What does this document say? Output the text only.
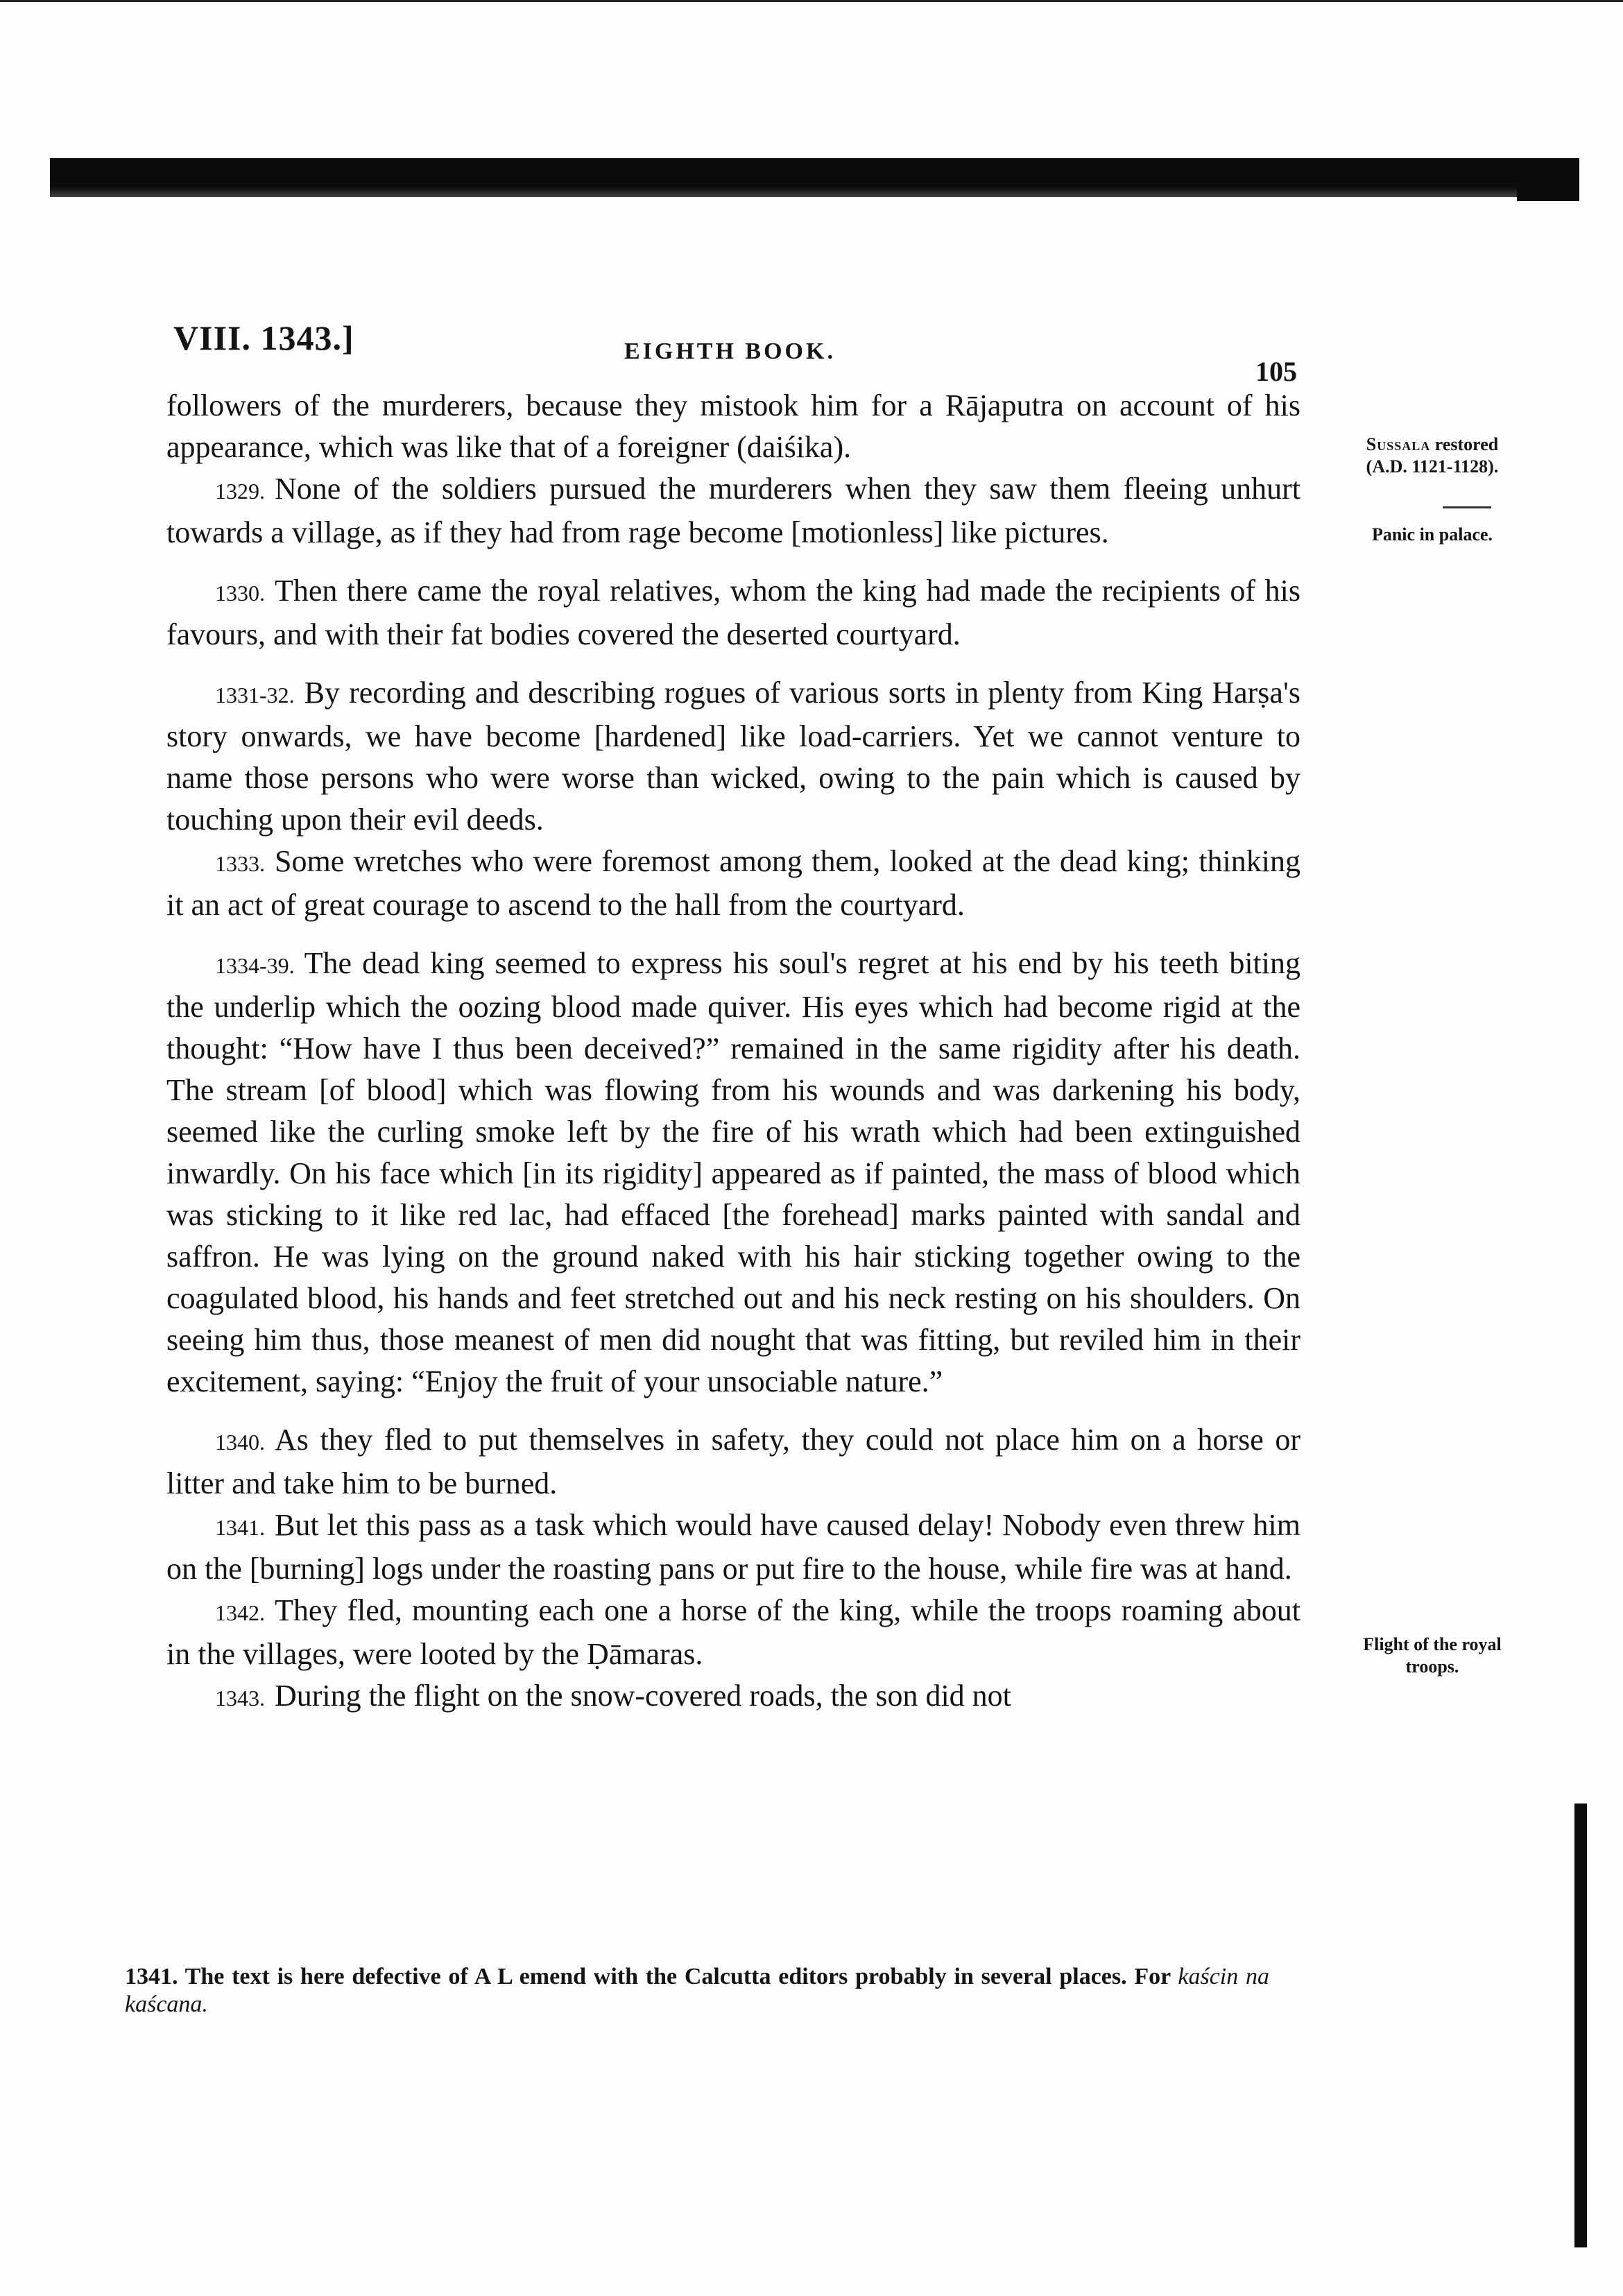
VIII. 1343.]	EIGHTH BOOK.
105
Sussala restored
(A.D. 1121-1128).
Panic in palace.
Flight of the royal
troops.

followers of the murderers, because they mistook him for a Rājaputra on account of his appearance, which was like that of a foreigner (daiśika).

1329. None of the soldiers pursued the murderers when they saw them fleeing unhurt towards a village, as if they had from rage become [motionless] like pictures.

1330. Then there came the royal relatives, whom the king had made the recipients of his favours, and with their fat bodies covered the deserted courtyard.

1331-32. By recording and describing rogues of various sorts in plenty from King Harṣa's story onwards, we have become [hardened] like load-carriers. Yet we cannot venture to name those persons who were worse than wicked, owing to the pain which is caused by touching upon their evil deeds.

1333. Some wretches who were foremost among them, looked at the dead king; thinking it an act of great courage to ascend to the hall from the courtyard.

1334-39. The dead king seemed to express his soul's regret at his end by his teeth biting the underlip which the oozing blood made quiver. His eyes which had become rigid at the thought: “How have I thus been deceived?” remained in the same rigidity after his death. The stream [of blood] which was flowing from his wounds and was darkening his body, seemed like the curling smoke left by the fire of his wrath which had been extinguished inwardly. On his face which [in its rigidity] appeared as if painted, the mass of blood which was sticking to it like red lac, had effaced [the forehead] marks painted with sandal and saffron. He was lying on the ground naked with his hair sticking together owing to the coagulated blood, his hands and feet stretched out and his neck resting on his shoulders. On seeing him thus, those meanest of men did nought that was fitting, but reviled him in their excitement, saying: “Enjoy the fruit of your unsociable nature.”

1340. As they fled to put themselves in safety, they could not place him on a horse or litter and take him to be burned.

1341. But let this pass as a task which would have caused delay! Nobody even threw him on the [burning] logs under the roasting pans or put fire to the house, while fire was at hand.

1342. They fled, mounting each one a horse of the king, while the troops roaming about in the villages, were looted by the Ḍāmaras.

1343. During the flight on the snow-covered roads, the son did not

1341. The text is here defective of A L emend with the Calcutta editors probably in several places. For kaścin na kaścana.
